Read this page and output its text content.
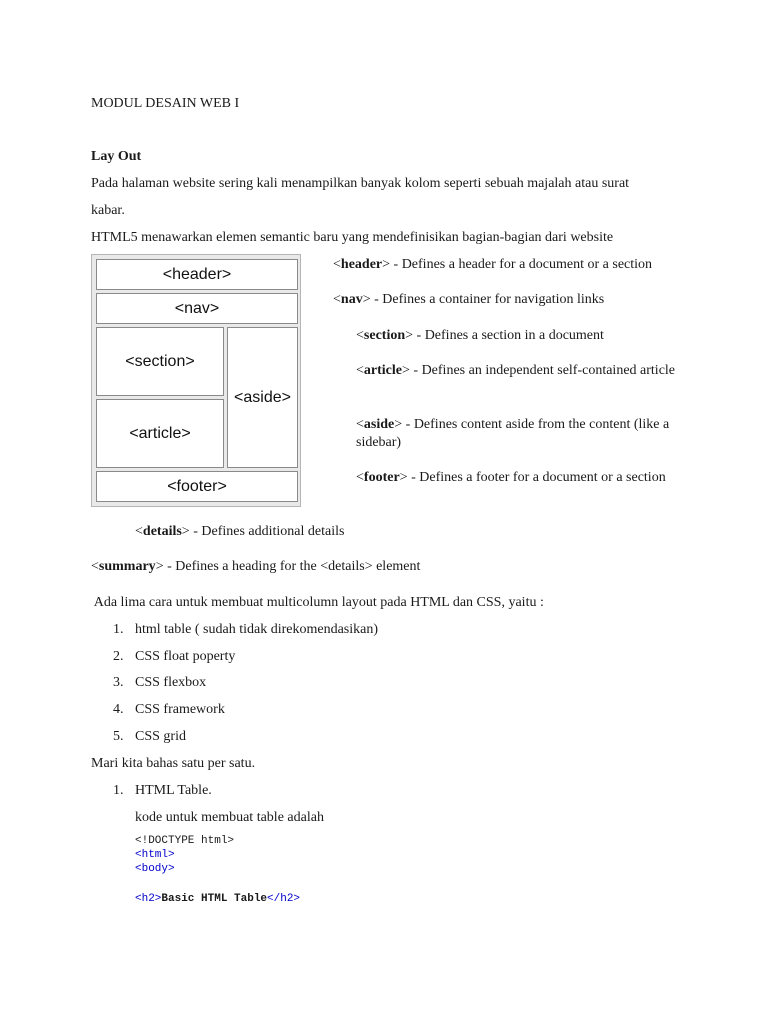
MODUL DESAIN WEB I
Lay Out
Pada halaman website sering kali menampilkan banyak kolom seperti sebuah majalah atau surat
kabar.
HTML5 menawarkan elemen semantic baru yang mendefinisikan bagian-bagian dari website
<header>
<nav>
<section>
<article>
<aside>
<footer>
<header> - Defines a header for a document or a section
<nav> - Defines a container for navigation links
<section> - Defines a section in a document
<article> - Defines an independent self-contained article
<aside> - Defines content aside from the content (like a sidebar)
<footer> - Defines a footer for a document or a section
<details> - Defines additional details
<summary> - Defines a heading for the <details> element
Ada lima cara untuk membuat multicolumn layout pada HTML dan CSS, yaitu :
1. html table ( sudah tidak direkomendasikan)
2. CSS float poperty
3. CSS flexbox
4. CSS framework
5. CSS grid
Mari kita bahas satu per satu.
1. HTML Table.
kode untuk membuat table adalah
<!DOCTYPE html>
<html>
<body>
<h2>Basic HTML Table</h2>
